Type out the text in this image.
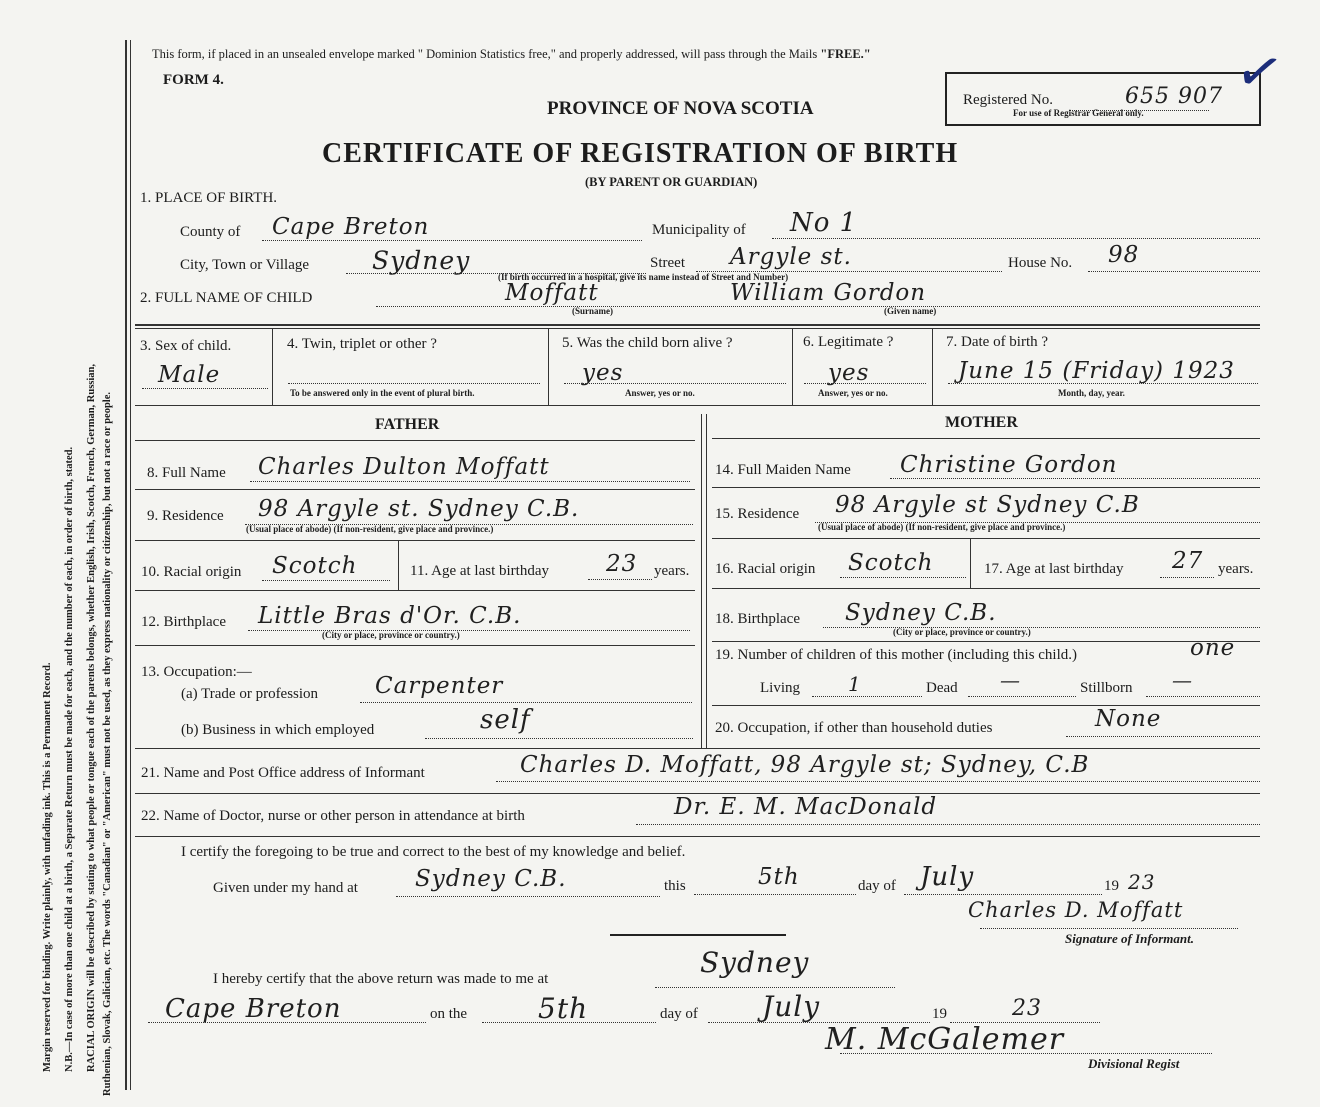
Margin reserved for binding. Write plainly, with unfading ink. This is a Permanent Record. N.B.—In case of more than one child at a birth, a Separate Return must be made for each, and the number of each, in order of birth, stated. RACIAL ORIGIN will be described by stating to what people or tongue each of the parents belongs, whether English, Irish, Scotch, French, German, Russian, Ruthenian, Slovak, Galician, etc. The words "Canadian" or "American" must not be used, as they express nationality or citizenship, but not a race or people.
This form, if placed in an unsealed envelope marked " Dominion Statistics free," and properly addressed, will pass through the Mails "FREE."
FORM 4.
PROVINCE OF NOVA SCOTIA
CERTIFICATE OF REGISTRATION OF BIRTH
(BY PARENT OR GUARDIAN)
Registered No.	655 907
For use of Registrar General only.
✓
1. PLACE OF BIRTH.
County of Cape Breton	Municipality of No 1
City, Town or Village	Sydney	Street Argyle st.
(If birth occurred in a hospital, give its name instead of Street and Number)
House No. 98
2. FULL NAME OF CHILD	Moffatt
(Surname)
William Gordon
(Given name)
3. Sex of child.
Male
4. Twin, triplet or other ?
To be answered only in the event of plural birth.
5. Was the child born alive ?
yes
Answer, yes or no.
6. Legitimate ?
yes
Answer, yes or no.
7. Date of birth ?
June 15 (Friday) 1923
Month, day, year.
FATHER
8. Full Name Charles Dulton Moffatt
9. Residence 98 Argyle st. Sydney C.B.
(Usual place of abode) (If non-resident, give place and province.)
10. Racial origin Scotch	11. Age at last birthday 23 years.
12. Birthplace Little Bras d'Or. C.B.
(City or place, province or country.)
13. Occupation:—
(a) Trade or profession Carpenter
(b) Business in which employed	self
MOTHER
14. Full Maiden Name Christine Gordon
15. Residence 98 Argyle st Sydney C.B
(Usual place of abode) (If non-resident, give place and province.)
16. Racial origin Scotch	17. Age at last birthday 27 years.
18. Birthplace Sydney C.B.
(City or place, province or country.)
19. Number of children of this mother (including this child.)	one
Living 1	Dead —	Stillborn —
20. Occupation, if other than household duties	None
21. Name and Post Office address of Informant	Charles D. Moffatt, 98 Argyle st; Sydney, C.B
22. Name of Doctor, nurse or other person in attendance at birth	Dr. E. M. MacDonald
I certify the foregoing to be true and correct to the best of my knowledge and belief.
Given under my hand at Sydney C.B.	this	5th	day of July	19 23
Charles D. Moffatt
Signature of Informant.
I hereby certify that the above return was made to me at	Sydney
Cape Breton	on the	5th	day of July	19	23
M. McGalemer
Divisional Regist
